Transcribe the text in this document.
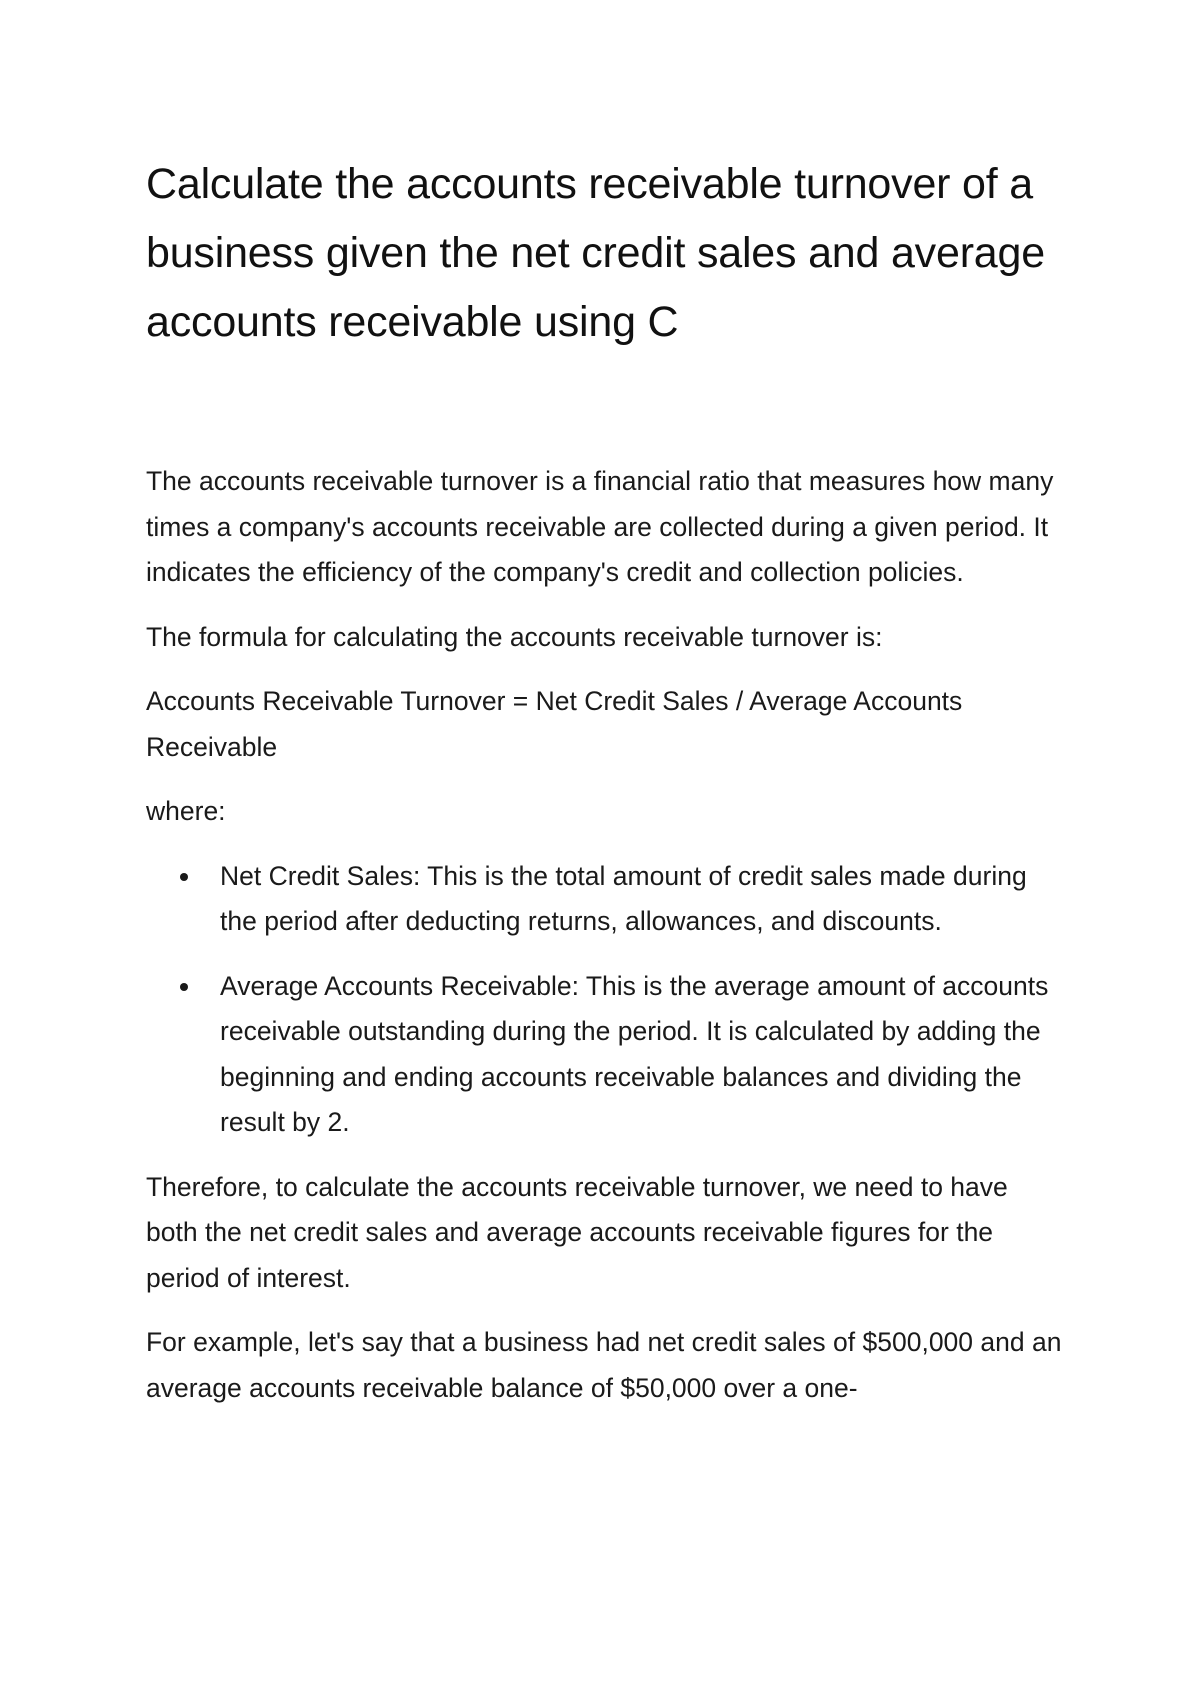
Calculate the accounts receivable turnover of a business given the net credit sales and average accounts receivable using C

The accounts receivable turnover is a financial ratio that measures how many times a company's accounts receivable are collected during a given period. It indicates the efficiency of the company's credit and collection policies.

The formula for calculating the accounts receivable turnover is:

Accounts Receivable Turnover = Net Credit Sales / Average Accounts Receivable

where:

Net Credit Sales: This is the total amount of credit sales made during the period after deducting returns, allowances, and discounts.
Average Accounts Receivable: This is the average amount of accounts receivable outstanding during the period. It is calculated by adding the beginning and ending accounts receivable balances and dividing the result by 2.

Therefore, to calculate the accounts receivable turnover, we need to have both the net credit sales and average accounts receivable figures for the period of interest.

For example, let's say that a business had net credit sales of $500,000 and an average accounts receivable balance of $50,000 over a one-
